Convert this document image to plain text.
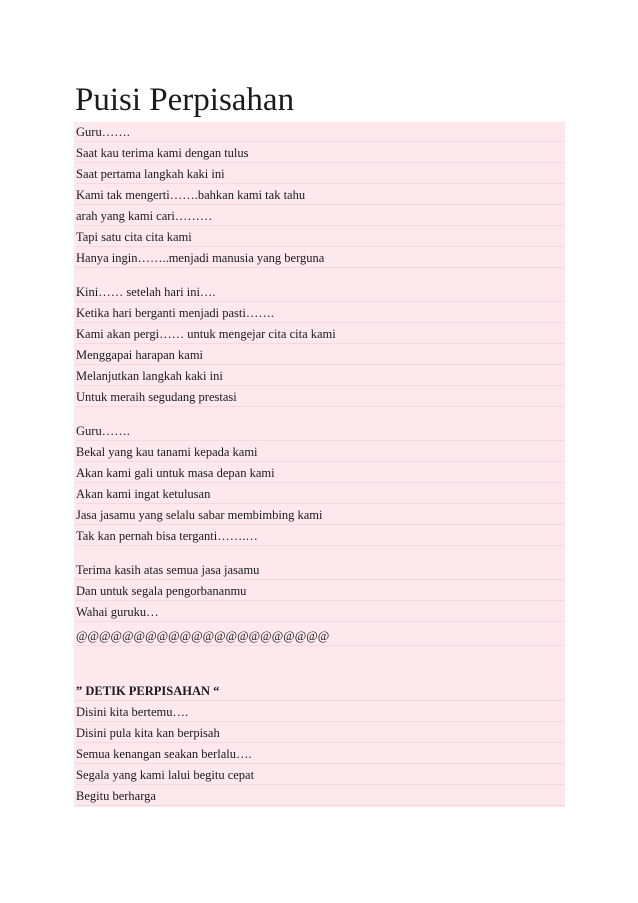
Puisi Perpisahan
Guru…….
Saat kau terima kami dengan tulus
Saat pertama langkah kaki ini
Kami tak mengerti…….bahkan kami tak tahu
arah yang kami cari………
Tapi satu cita cita kami
Hanya ingin……..menjadi manusia yang berguna
Kini…… setelah hari ini….
Ketika hari berganti menjadi pasti…….
Kami akan pergi…… untuk mengejar cita cita kami
Menggapai harapan kami
Melanjutkan langkah kaki ini
Untuk meraih segudang prestasi
Guru…….
Bekal yang kau tanami kepada kami
Akan kami gali untuk masa depan kami
Akan kami ingat ketulusan
Jasa jasamu yang selalu sabar membimbing kami
Tak kan pernah bisa terganti…….…
Terima kasih atas semua jasa jasamu
Dan untuk segala pengorbananmu
Wahai guruku…
@@@@@@@@@@@@@@@@@@@@@@
” DETIK PERPISAHAN “
Disini kita bertemu….
Disini pula kita kan berpisah
Semua kenangan seakan berlalu….
Segala yang kami lalui begitu cepat
Begitu berharga
